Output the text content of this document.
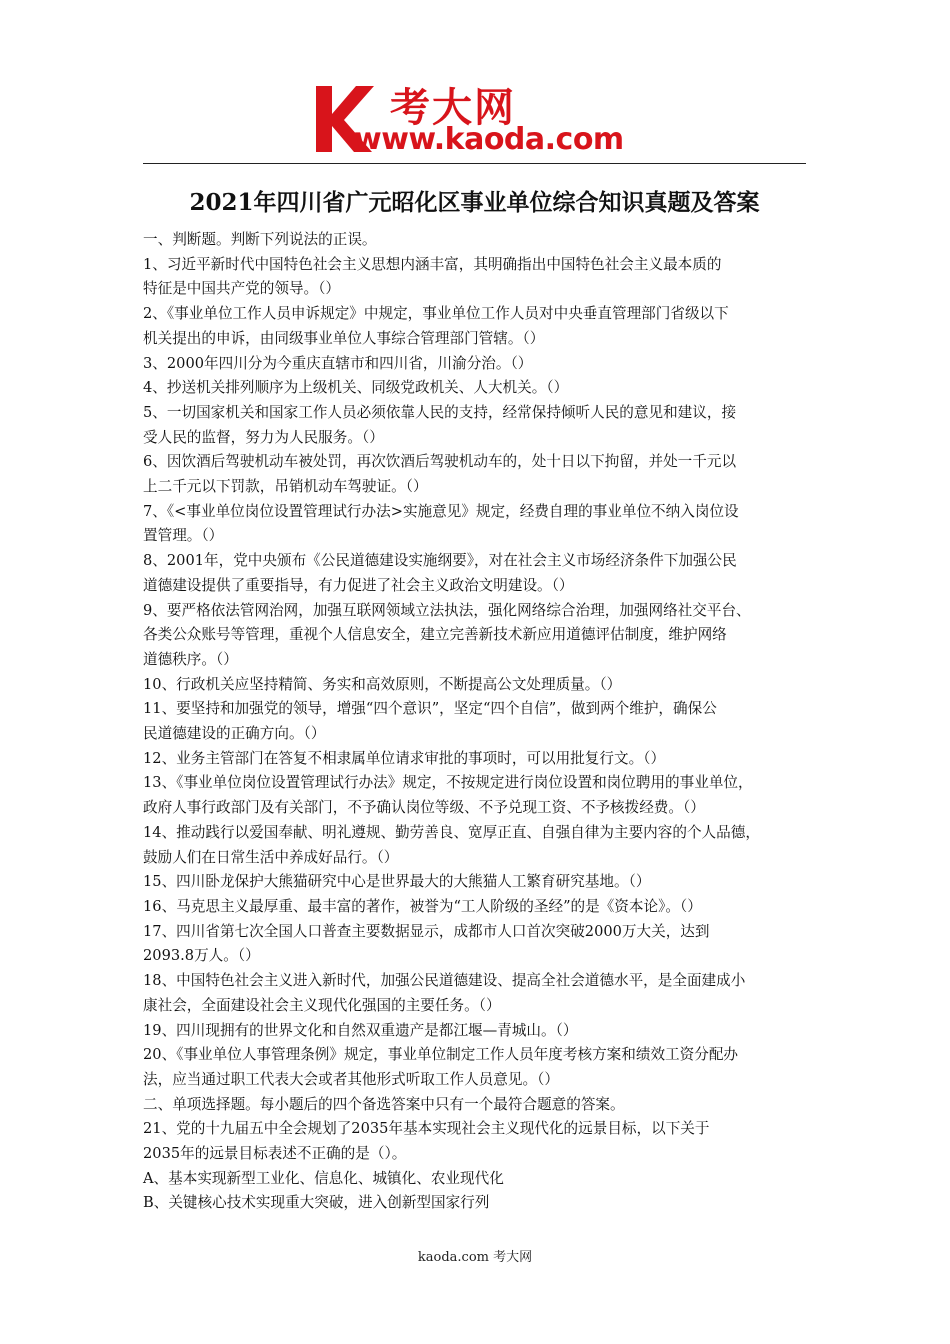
考大网
www.kaoda.com
2021年四川省广元昭化区事业单位综合知识真题及答案

一、判断题。判断下列说法的正误。

1、习近平新时代中国特色社会主义思想内涵丰富，其明确指出中国特色社会主义最本质的

特征是中国共产党的领导。（）

2、《事业单位工作人员申诉规定》中规定，事业单位工作人员对中央垂直管理部门省级以下

机关提出的申诉，由同级事业单位人事综合管理部门管辖。（）

3、2000年四川分为今重庆直辖市和四川省，川渝分治。（）

4、抄送机关排列顺序为上级机关、同级党政机关、人大机关。（）

5、一切国家机关和国家工作人员必须依靠人民的支持，经常保持倾听人民的意见和建议，接

受人民的监督，努力为人民服务。（）

6、因饮酒后驾驶机动车被处罚，再次饮酒后驾驶机动车的，处十日以下拘留，并处一千元以

上二千元以下罚款，吊销机动车驾驶证。（）

7、《<事业单位岗位设置管理试行办法>实施意见》规定，经费自理的事业单位不纳入岗位设

置管理。（）

8、2001年，党中央颁布《公民道德建设实施纲要》，对在社会主义市场经济条件下加强公民

道德建设提供了重要指导，有力促进了社会主义政治文明建设。（）

9、要严格依法管网治网，加强互联网领域立法执法，强化网络综合治理，加强网络社交平台、

各类公众账号等管理，重视个人信息安全，建立完善新技术新应用道德评估制度，维护网络

道德秩序。（）

10、行政机关应坚持精简、务实和高效原则，不断提高公文处理质量。（）

11、要坚持和加强党的领导，增强“四个意识”，坚定“四个自信”，做到两个维护，确保公

民道德建设的正确方向。（）

12、业务主管部门在答复不相隶属单位请求审批的事项时，可以用批复行文。（）

13、《事业单位岗位设置管理试行办法》规定，不按规定进行岗位设置和岗位聘用的事业单位，

政府人事行政部门及有关部门，不予确认岗位等级、不予兑现工资、不予核拨经费。（）

14、推动践行以爱国奉献、明礼遵规、勤劳善良、宽厚正直、自强自律为主要内容的个人品德，

鼓励人们在日常生活中养成好品行。（）

15、四川卧龙保护大熊猫研究中心是世界最大的大熊猫人工繁育研究基地。（）

16、马克思主义最厚重、最丰富的著作，被誉为“工人阶级的圣经”的是《资本论》。（）

17、四川省第七次全国人口普查主要数据显示，成都市人口首次突破2000万大关，达到

2093.8万人。（）

18、中国特色社会主义进入新时代，加强公民道德建设、提高全社会道德水平，是全面建成小

康社会，全面建设社会主义现代化强国的主要任务。（）

19、四川现拥有的世界文化和自然双重遗产是都江堰—青城山。（）

20、《事业单位人事管理条例》规定，事业单位制定工作人员年度考核方案和绩效工资分配办

法，应当通过职工代表大会或者其他形式听取工作人员意见。（）

二、单项选择题。每小题后的四个备选答案中只有一个最符合题意的答案。

21、党的十九届五中全会规划了2035年基本实现社会主义现代化的远景目标，以下关于

2035年的远景目标表述不正确的是（）。

A、基本实现新型工业化、信息化、城镇化、农业现代化

B、关键核心技术实现重大突破，进入创新型国家行列

kaoda.com 考大网
